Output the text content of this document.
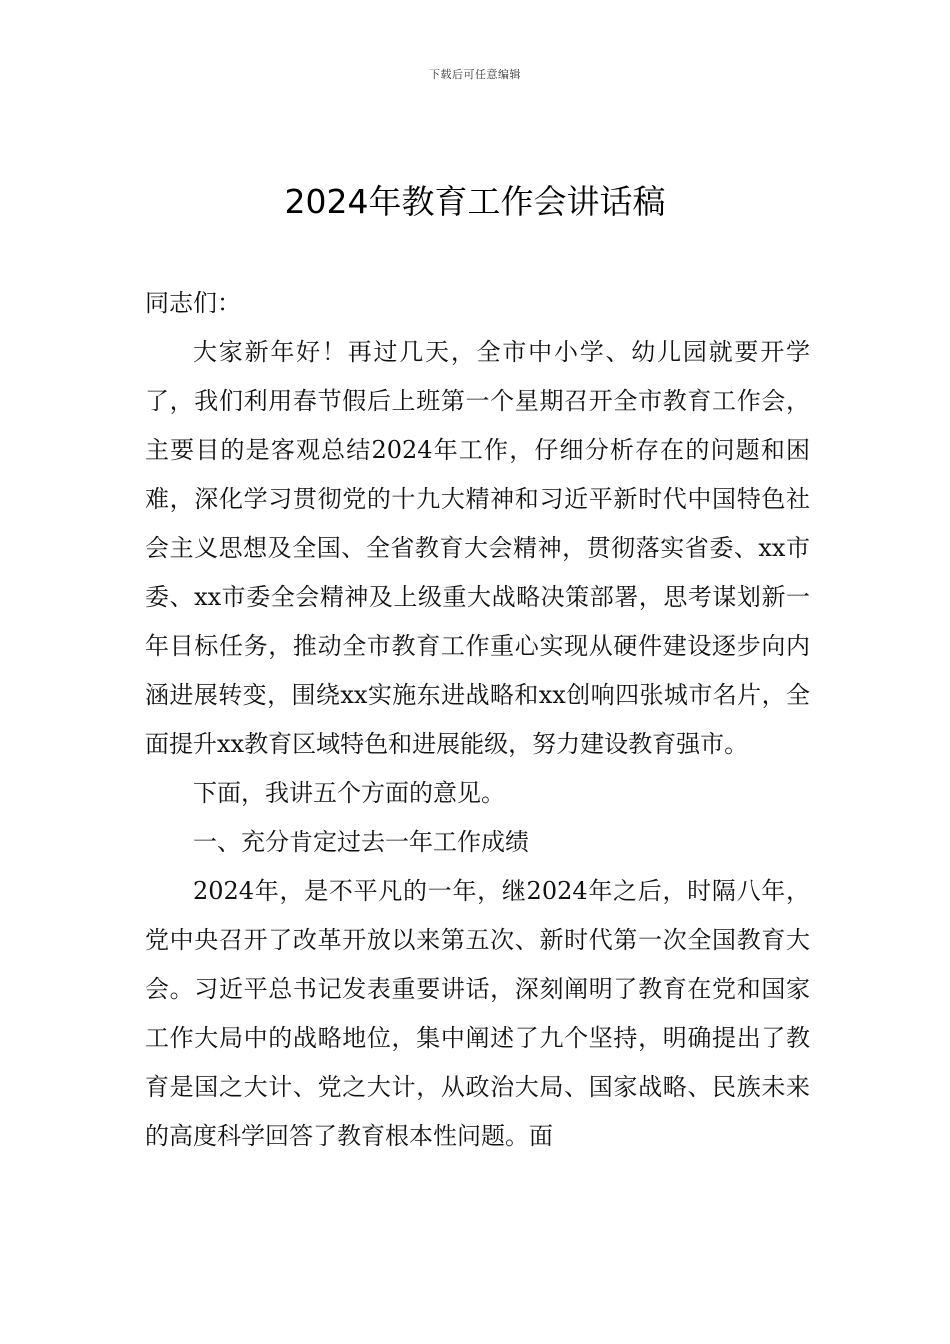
下载后可任意编辑
2024年教育工作会讲话稿

同志们：

大家新年好！再过几天，全市中小学、幼儿园就要开学了，我们利用春节假后上班第一个星期召开全市教育工作会，主要目的是客观总结2024年工作，仔细分析存在的问题和困难，深化学习贯彻党的十九大精神和习近平新时代中国特色社会主义思想及全国、全省教育大会精神，贯彻落实省委、xx市委、xx市委全会精神及上级重大战略决策部署，思考谋划新一年目标任务，推动全市教育工作重心实现从硬件建设逐步向内涵进展转变，围绕xx实施东进战略和xx创响四张城市名片，全面提升xx教育区域特色和进展能级，努力建设教育强市。

下面，我讲五个方面的意见。

一、充分肯定过去一年工作成绩

2024年，是不平凡的一年，继2024年之后，时隔八年，党中央召开了改革开放以来第五次、新时代第一次全国教育大会。习近平总书记发表重要讲话，深刻阐明了教育在党和国家工作大局中的战略地位，集中阐述了九个坚持，明确提出了教育是国之大计、党之大计，从政治大局、国家战略、民族未来的高度科学回答了教育根本性问题。面
